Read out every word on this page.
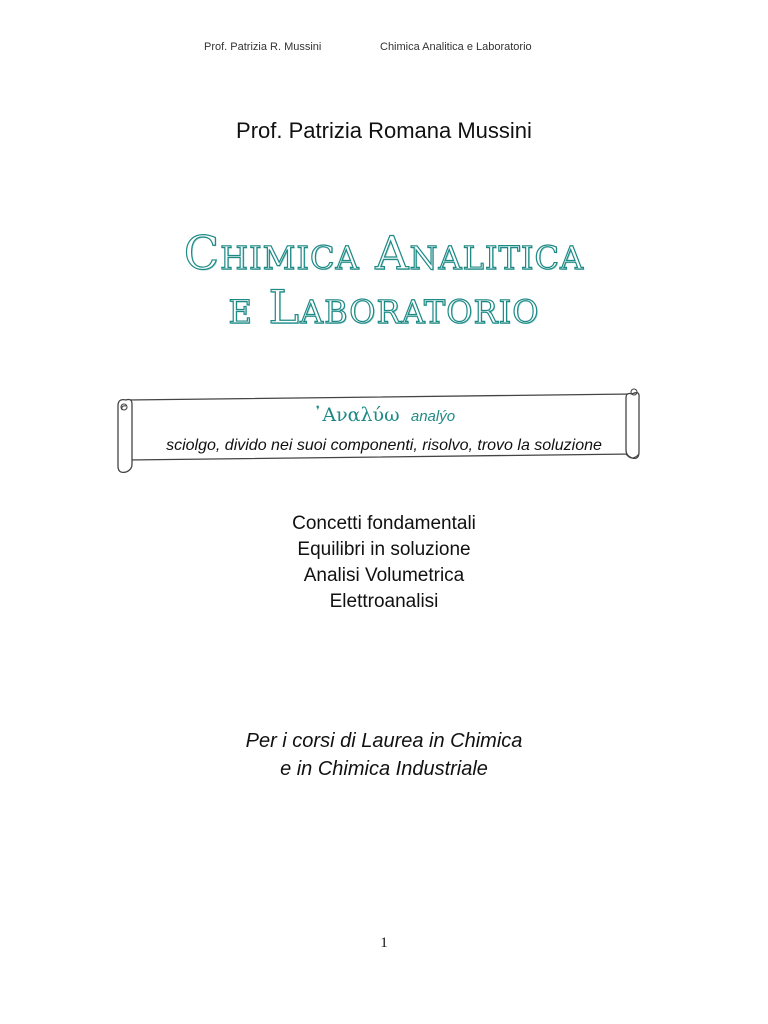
Prof. Patrizia R. Mussini	Chimica Analitica e Laboratorio
Prof. Patrizia Romana Mussini
Chimica Analitica
e Laboratorio
᾿Αναλύω analýo
sciolgo, divido nei suoi componenti, risolvo, trovo la soluzione
Concetti fondamentali
Equilibri in soluzione
Analisi Volumetrica
Elettroanalisi
Per i corsi di Laurea in Chimica
e in Chimica Industriale
1
